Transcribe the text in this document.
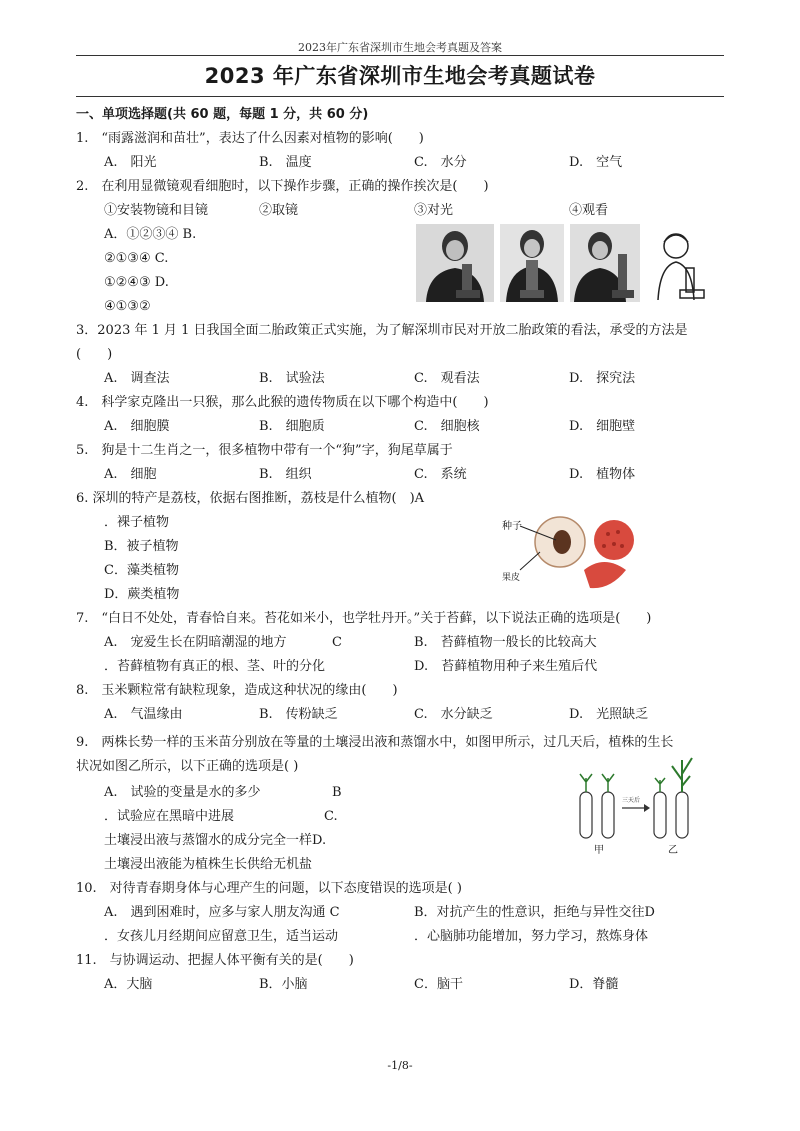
2023年广东省深圳市生地会考真题及答案
2023 年广东省深圳市生地会考真题试卷
一、单项选择题(共 60 题，每题 1 分，共 60 分)
1.　“雨露滋润和苗壮”，表达了什么因素对植物的影响(　　)
A.　阳光	B.　温度	C.　水分	D.　空气
2.　在利用显微镜观看细胞时，以下操作步骤，正确的操作挨次是(　　)
①安装物镜和目镜	②取镜	③对光	④观看
A．①②③④ B.
②①③④ C.
①②④③ D.
④①③②
3．2023 年 1 月 1 日我国全面二胎政策正式实施，为了解深圳市民对开放二胎政策的看法，承受的方法是
(　　)
A.　调查法	B.　试验法	C.　观看法	D.　探究法
4.　科学家克隆出一只猴，那么此猴的遗传物质在以下哪个构造中(　　)
A.　细胞膜	B.　细胞质	C.　细胞核	D.　细胞壁
5.　狗是十二生肖之一，很多植物中带有一个“狗”字，狗尾草属于
A.　细胞	B.　组织	C.　系统	D.　植物体
6. 深圳的特产是荔枝，依据右图推断，荔枝是什么植物(　)A
．裸子植物
B．被子植物
C．藻类植物
D．蕨类植物
种子
果皮
7.　“白日不处处，青春恰自来。苔花如米小，也学牡丹开。”关于苔藓，以下说法正确的选项是(　　)
A.　宠爱生长在阴暗潮湿的地方	C	B.　苔藓植物一般长的比较高大
．苔藓植物有真正的根、茎、叶的分化	D.　苔藓植物用种子来生殖后代
8.　玉米颗粒常有缺粒现象，造成这种状况的缘由(　　)
A.　气温缘由	B.　传粉缺乏	C.　水分缺乏	D.　光照缺乏
9.　两株长势一样的玉米苗分别放在等量的土壤浸出液和蒸馏水中，如图甲所示，过几天后，植株的生长
状况如图乙所示，以下正确的选项是( )
A.　试验的变量是水的多少	B
．试验应在黑暗中进展	C.
土壤浸出液与蒸馏水的成分完全一样D.
土壤浸出液能为植株生长供给无机盐
三天后
甲	乙
10.　对待青春期身体与心理产生的问题，以下态度错误的选项是( )
A.　遇到困难时，应多与家人朋友沟通 C	B．对抗产生的性意识，拒绝与异性交往D
．女孩儿月经期间应留意卫生，适当运动	．心脑肺功能增加，努力学习，熬炼身体
11.　与协调运动、把握人体平衡有关的是(　　)
A．大脑	B．小脑	C．脑干	D．脊髓
-1/8-
